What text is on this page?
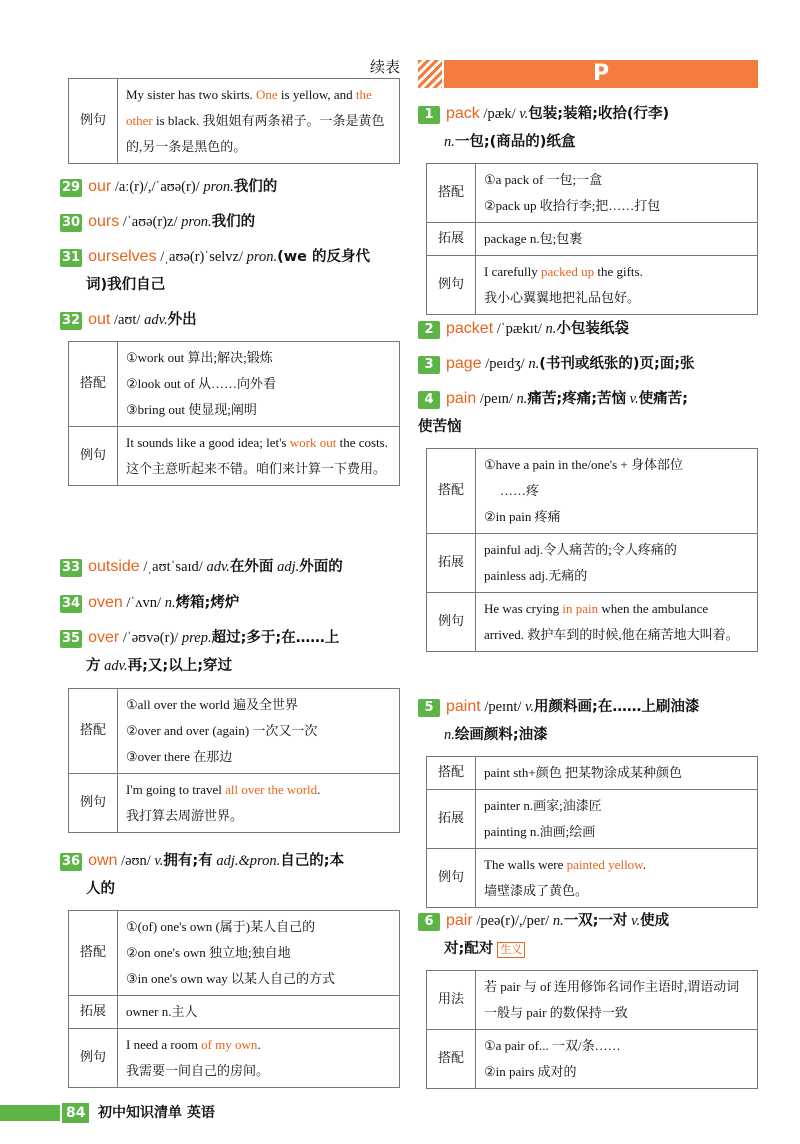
续表
例句	My sister has two skirts. One is yellow, and the other is black. 我姐姐有两条裙子。一条是黄色的,另一条是黑色的。
29 our /aː(r)/,/ˈaʊə(r)/ pron.我们的
30 ours /ˈaʊə(r)z/ pron.我们的
31 ourselves /ˌaʊə(r)ˈselvz/ pron.(we 的反身代
词)我们自己
32 out /aʊt/ adv.外出
搭配	①work out 算出;解决;锻炼
②look out of 从……向外看
③bring out 使显现;阐明

例句	It sounds like a good idea; let's work out the costs.
这个主意听起来不错。咱们来计算一下费用。
33 outside /ˌaʊtˈsaɪd/ adv.在外面 adj.外面的
34 oven /ˈʌvn/ n.烤箱;烤炉
35 over /ˈəʊvə(r)/ prep.超过;多于;在……上
方 adv.再;又;以上;穿过
搭配	①all over the world 遍及全世界
②over and over (again) 一次又一次
③over there 在那边

例句	I'm going to travel all over the world.
我打算去周游世界。
36 own /əʊn/ v.拥有;有 adj.&pron.自己的;本
人的
搭配	①(of) one's own (属于)某人自己的
②on one's own 独立地;独自地
③in one's own way 以某人自己的方式

拓展	owner n.主人
例句	I need a room of my own.
我需要一间自己的房间。
P
1 pack /pæk/ v.包装;装箱;收拾(行李)
n.一包;(商品的)纸盒
搭配	①a pack of 一包;一盒
②pack up 收拾行李;把……打包

拓展	package n.包;包裹
例句	I carefully packed up the gifts.
我小心翼翼地把礼品包好。
2 packet /ˈpækɪt/ n.小包装纸袋
3 page /peɪdʒ/ n.(书刊或纸张的)页;面;张
4 pain /peɪn/ n.痛苦;疼痛;苦恼 v.使痛苦;
使苦恼
搭配	①have a pain in the/one's + 身体部位
……疼
②in pain 疼痛

拓展	painful adj.令人痛苦的;令人疼痛的
painless adj.无痛的

例句	He was crying in pain when the ambulance arrived. 救护车到的时候,他在痛苦地大叫着。
5 paint /peɪnt/ v.用颜料画;在……上刷油漆
n.绘画颜料;油漆
搭配	paint sth+颜色 把某物涂成某种颜色
拓展	painter n.画家;油漆匠
painting n.油画;绘画

例句	The walls were painted yellow.
墙壁漆成了黄色。
6 pair /peə(r)/,/per/ n.一双;一对 v.使成
对;配对 生义
用法	若 pair 与 of 连用修饰名词作主语时,谓语动词一般与 pair 的数保持一致
搭配	①a pair of... 一双/条……
②in pairs 成对的
84 初中知识清单 英语
